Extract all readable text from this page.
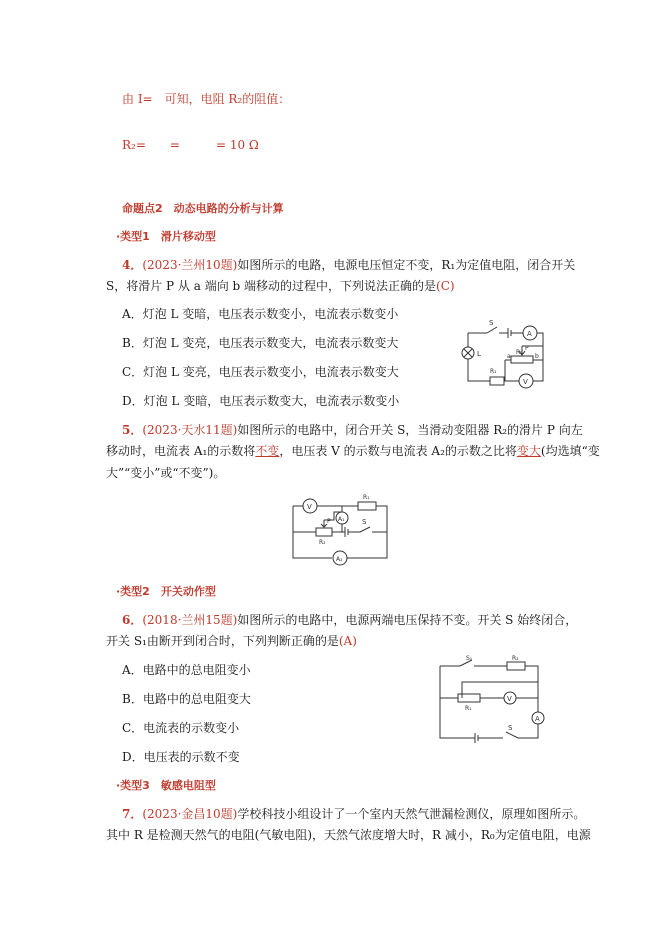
由 I=　可知，电阻 R₂的阻值：
R₂=　　=　　　= 10 Ω
命题点2　动态电路的分析与计算
·类型1　滑片移动型
4．(2023·兰州10题)如图所示的电路，电源电压恒定不变，R₁为定值电阻，闭合开关
S，将滑片 P 从 a 端向 b 端移动的过程中，下列说法正确的是(C)
A．灯泡 L 变暗，电压表示数变小，电流表示数变小
B．灯泡 L 变亮，电压表示数变大，电流表示数变大
C．灯泡 L 变亮，电压表示数变小，电流表示数变大
D．灯泡 L 变暗，电压表示数变大，电流表示数变小
S
A
L	R₂
P
a	b
R₁
V
5．(2023·天水11题)如图所示的电路中，闭合开关 S，当滑动变阻器 R₂的滑片 P 向左
移动时，电流表 A₁的示数将不变，电压表 V 的示数与电流表 A₂的示数之比将变大(均选填“变
大”“变小”或“不变”)。
V
R₁
A₁
P	S
R₂
A₂
·类型2　开关动作型
6．(2018·兰州15题)如图所示的电路中，电源两端电压保持不变。开关 S 始终闭合，
开关 S₁由断开到闭合时，下列判断正确的是(A)
A．电路中的总电阻变小
B．电路中的总电阻变大
C．电流表的示数变小
D．电压表的示数不变
S₁	R₂
R₁
V
A
S
·类型3　敏感电阻型
7．(2023·金昌10题)学校科技小组设计了一个室内天然气泄漏检测仪，原理如图所示。
其中 R 是检测天然气的电阻(气敏电阻)，天然气浓度增大时，R 减小，R₀为定值电阻，电源
